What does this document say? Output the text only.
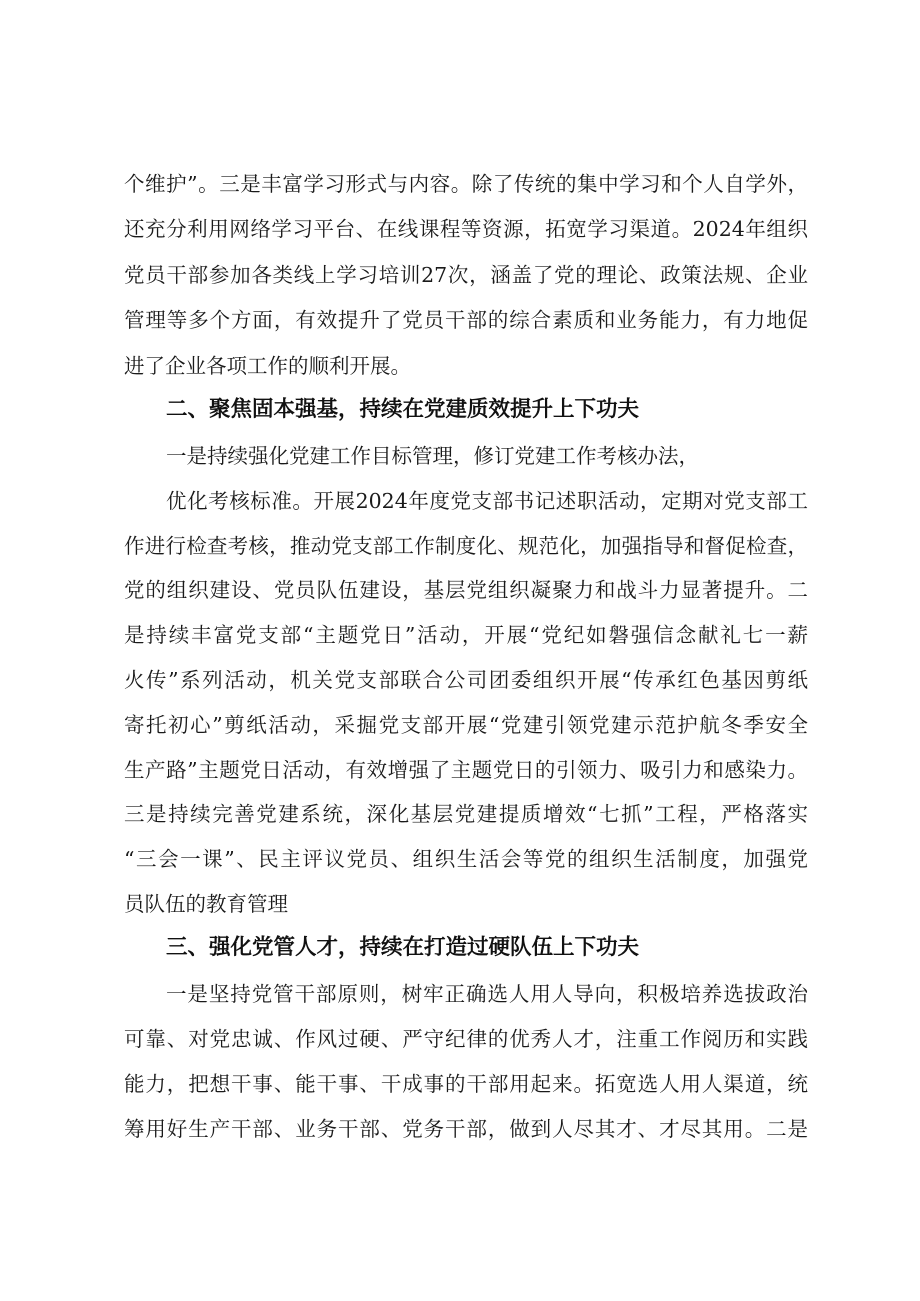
个维护”。三是丰富学习形式与内容。除了传统的集中学习和个人自学外，

还充分利用网络学习平台、在线课程等资源，拓宽学习渠道。2024年组织

党员干部参加各类线上学习培训27次，涵盖了党的理论、政策法规、企业

管理等多个方面，有效提升了党员干部的综合素质和业务能力，有力地促

进了企业各项工作的顺利开展。

二、聚焦固本强基，持续在党建质效提升上下功夫

一是持续强化党建工作目标管理，修订党建工作考核办法，

优化考核标准。开展2024年度党支部书记述职活动，定期对党支部工

作进行检查考核，推动党支部工作制度化、规范化，加强指导和督促检查，

党的组织建设、党员队伍建设，基层党组织凝聚力和战斗力显著提升。二

是持续丰富党支部“主题党日”活动，开展“党纪如磐强信念献礼七一薪

火传”系列活动，机关党支部联合公司团委组织开展“传承红色基因剪纸

寄托初心”剪纸活动，采掘党支部开展“党建引领党建示范护航冬季安全

生产路”主题党日活动，有效增强了主题党日的引领力、吸引力和感染力。

三是持续完善党建系统，深化基层党建提质增效“七抓”工程，严格落实

“三会一课”、民主评议党员、组织生活会等党的组织生活制度，加强党

员队伍的教育管理

三、强化党管人才，持续在打造过硬队伍上下功夫

一是坚持党管干部原则，树牢正确选人用人导向，积极培养选拔政治

可靠、对党忠诚、作风过硬、严守纪律的优秀人才，注重工作阅历和实践

能力，把想干事、能干事、干成事的干部用起来。拓宽选人用人渠道，统

筹用好生产干部、业务干部、党务干部，做到人尽其才、才尽其用。二是
